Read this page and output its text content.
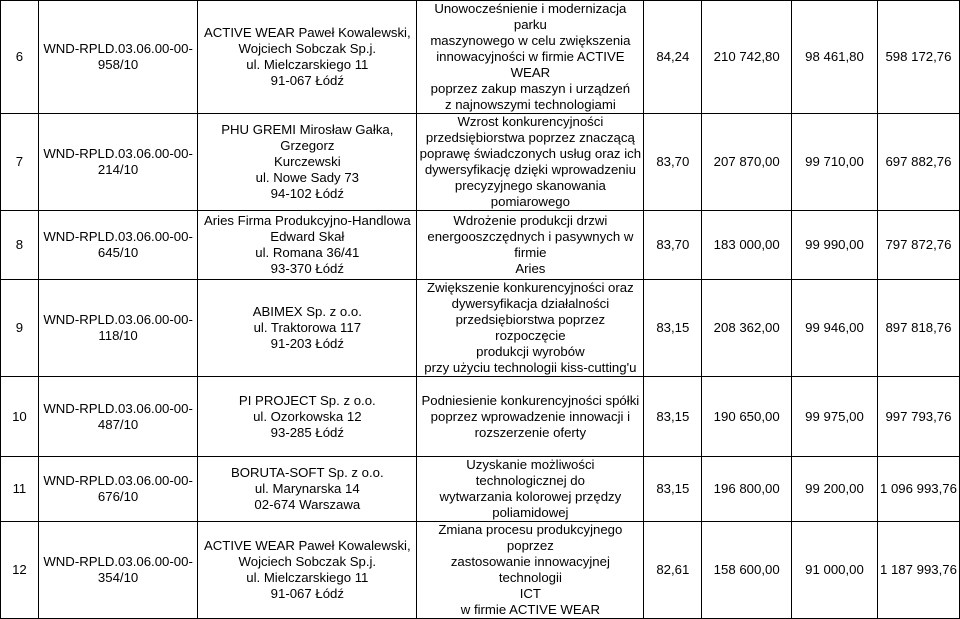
6	WND-RPLD.03.06.00-00-
958/10	ACTIVE WEAR Paweł Kowalewski,
Wojciech Sobczak Sp.j.
ul. Mielczarskiego 11
91-067 Łódź	Unowocześnienie i modernizacja parku
maszynowego w celu zwiększenia
innowacyjności w firmie ACTIVE WEAR
poprzez zakup maszyn i urządzeń
z najnowszymi technologiami	84,24	210 742,80	98 461,80	598 172,76
7	WND-RPLD.03.06.00-00-
214/10	PHU GREMI Mirosław Gałka, Grzegorz
Kurczewski
ul. Nowe Sady 73
94-102 Łódź	Wzrost konkurencyjności
przedsiębiorstwa poprzez znaczącą
poprawę świadczonych usług oraz ich
dywersyfikację dzięki wprowadzeniu
precyzyjnego skanowania pomiarowego	83,70	207 870,00	99 710,00	697 882,76
8	WND-RPLD.03.06.00-00-
645/10	Aries Firma Produkcyjno-Handlowa
Edward Skał
ul. Romana 36/41
93-370 Łódź	Wdrożenie produkcji drzwi
energooszczędnych i pasywnych w firmie
Aries	83,70	183 000,00	99 990,00	797 872,76
9	WND-RPLD.03.06.00-00-
118/10	ABIMEX Sp. z o.o.
ul. Traktorowa 117
91-203 Łódź	Zwiększenie konkurencyjności oraz
dywersyfikacja działalności
przedsiębiorstwa poprzez rozpoczęcie
produkcji wyrobów
przy użyciu technologii kiss-cutting'u	83,15	208 362,00	99 946,00	897 818,76
10	WND-RPLD.03.06.00-00-
487/10	PI PROJECT Sp. z o.o.
ul. Ozorkowska 12
93-285 Łódź	Podniesienie konkurencyjności spółki
poprzez wprowadzenie innowacji i
rozszerzenie oferty	83,15	190 650,00	99 975,00	997 793,76
11	WND-RPLD.03.06.00-00-
676/10	BORUTA-SOFT Sp. z o.o.
ul. Marynarska 14
02-674 Warszawa	Uzyskanie możliwości technologicznej do
wytwarzania kolorowej przędzy
poliamidowej	83,15	196 800,00	99 200,00	1 096 993,76
12	WND-RPLD.03.06.00-00-
354/10	ACTIVE WEAR Paweł Kowalewski,
Wojciech Sobczak Sp.j.
ul. Mielczarskiego 11
91-067 Łódź	Zmiana procesu produkcyjnego poprzez
zastosowanie innowacyjnej technologii
ICT
w firmie ACTIVE WEAR	82,61	158 600,00	91 000,00	1 187 993,76
